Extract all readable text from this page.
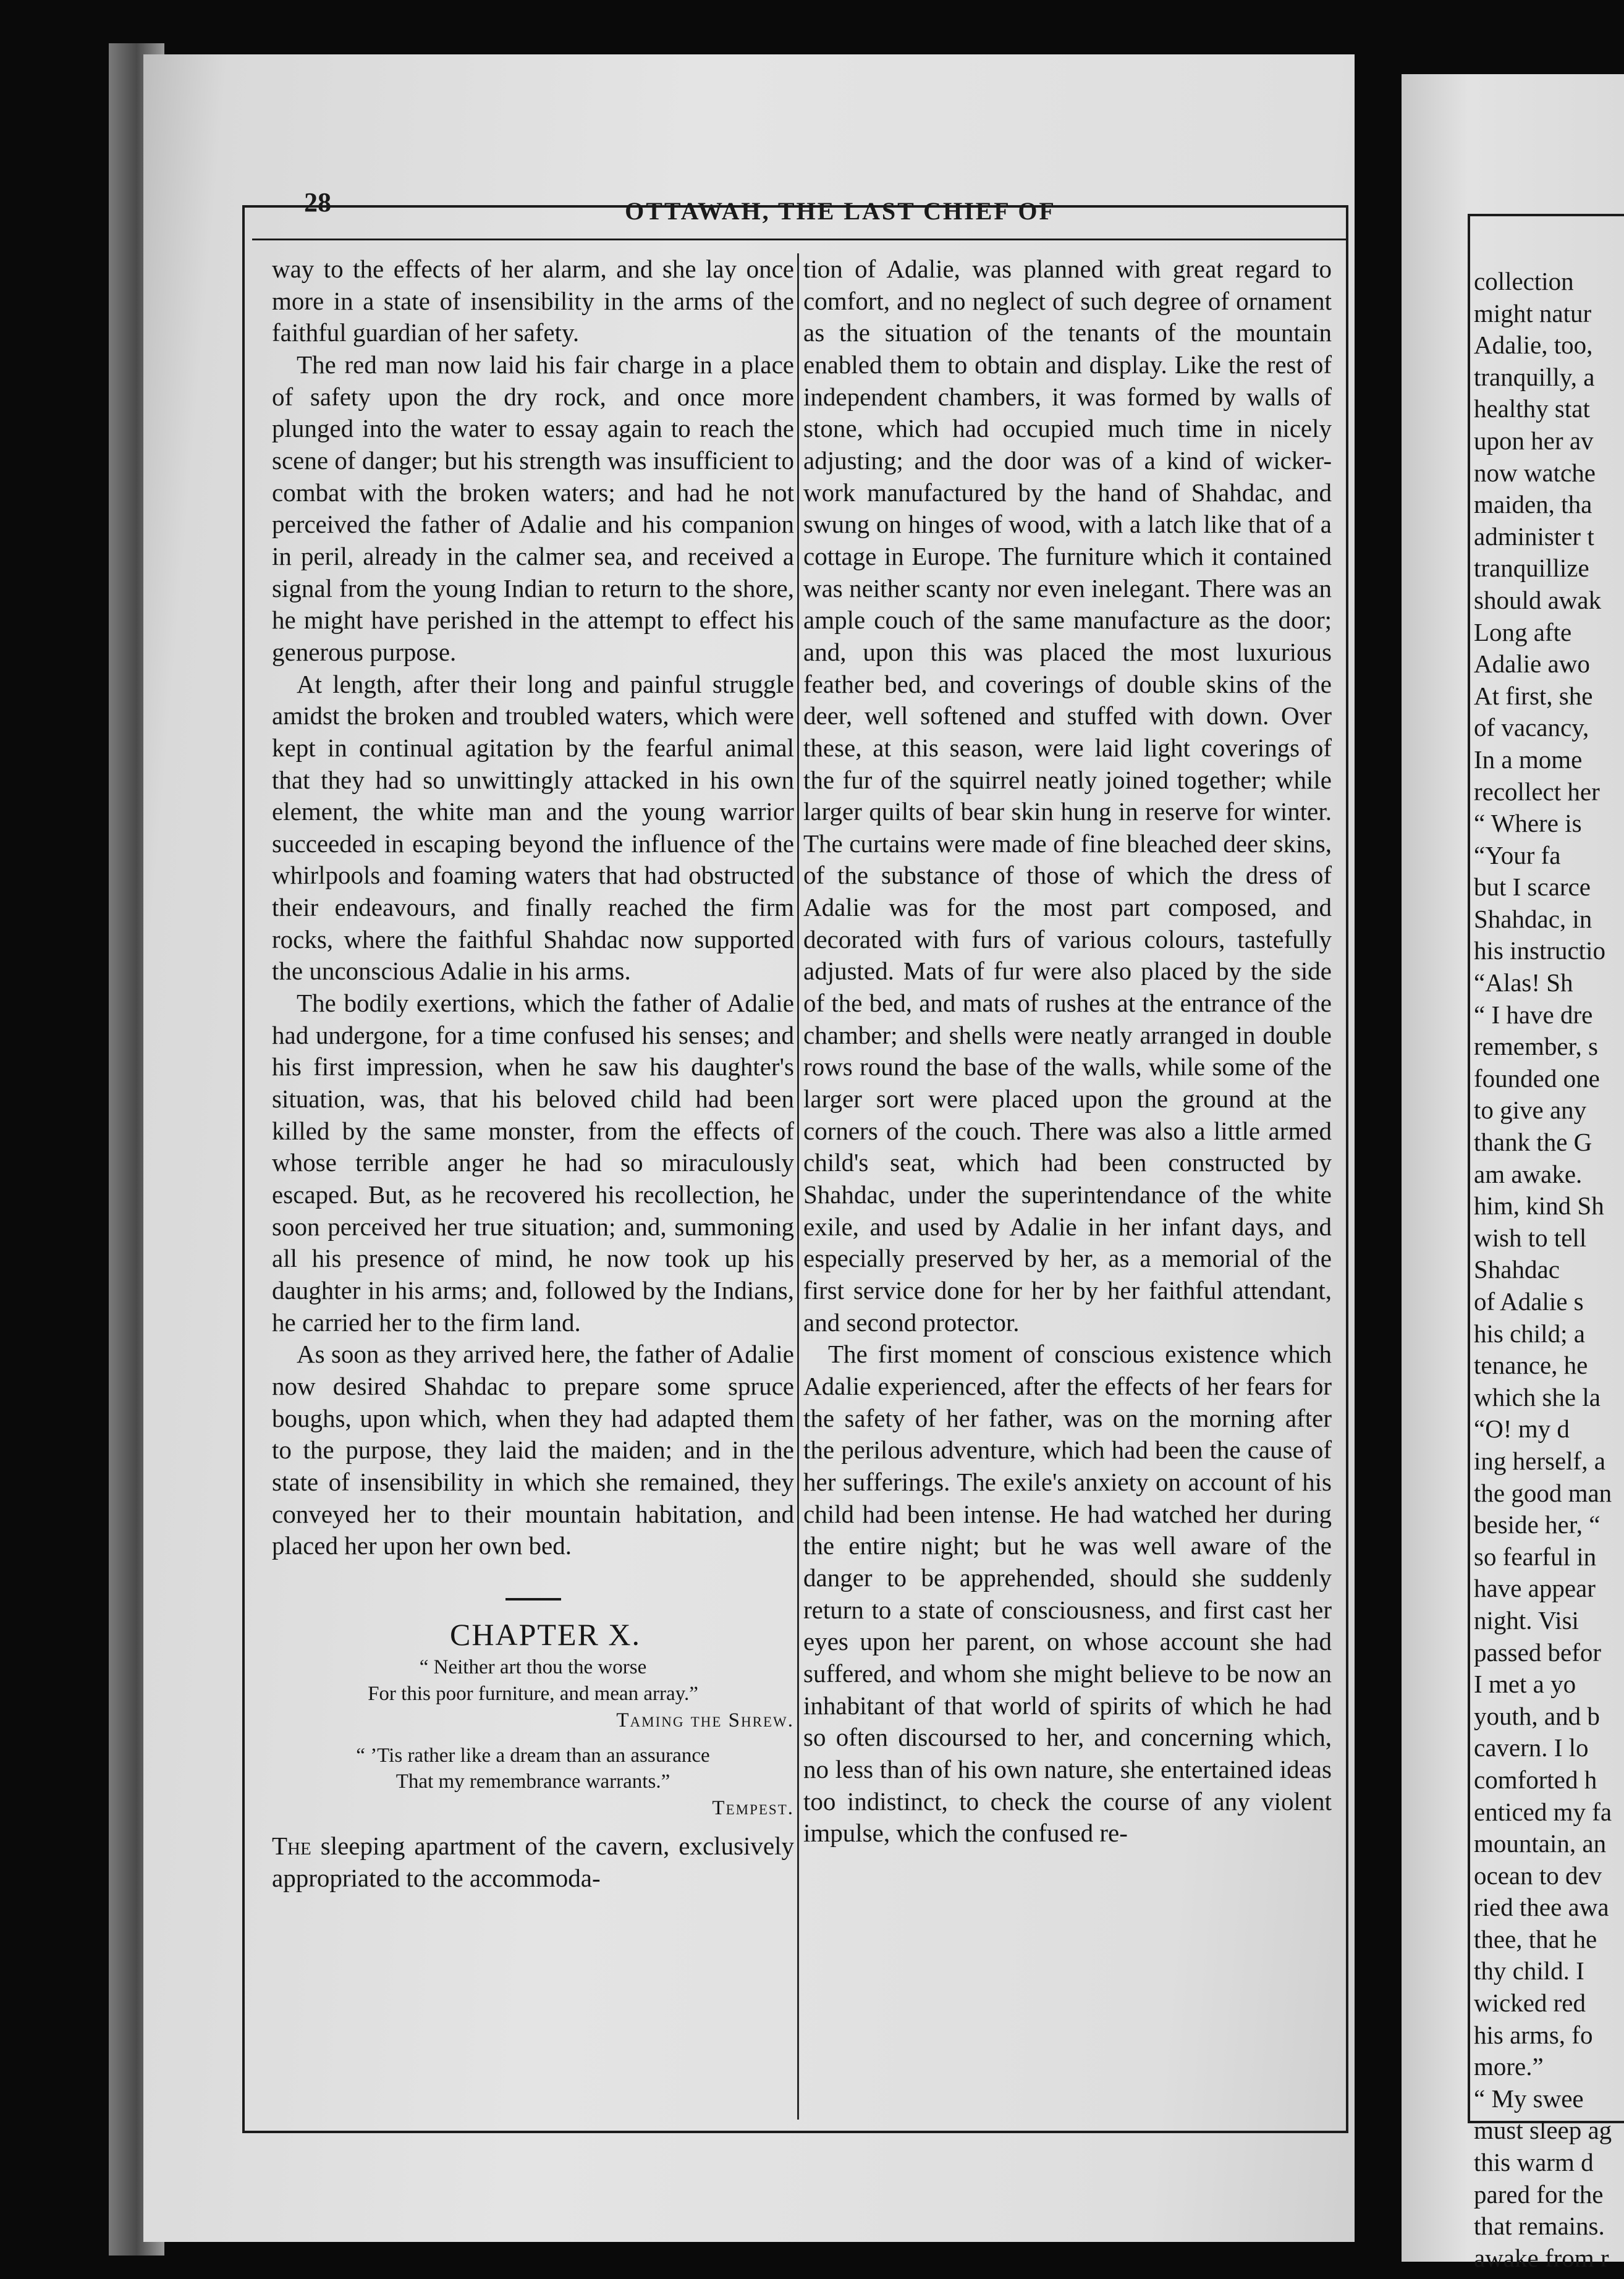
28	OTTAWAH, THE LAST CHIEF OF

way to the effects of her alarm, and she lay once more in a state of insensibility in the arms of the faithful guardian of her safety.

The red man now laid his fair charge in a place of safety upon the dry rock, and once more plunged into the water to essay again to reach the scene of danger; but his strength was insufficient to combat with the broken waters; and had he not perceived the father of Adalie and his companion in peril, already in the calmer sea, and received a signal from the young Indian to return to the shore, he might have perished in the attempt to effect his generous purpose.

At length, after their long and painful struggle amidst the broken and troubled waters, which were kept in continual agitation by the fearful animal that they had so unwittingly attacked in his own element, the white man and the young warrior succeeded in escaping beyond the influence of the whirlpools and foaming waters that had obstructed their endeavours, and finally reached the firm rocks, where the faithful Shahdac now supported the unconscious Adalie in his arms.

The bodily exertions, which the father of Adalie had undergone, for a time confused his senses; and his first impression, when he saw his daughter's situation, was, that his beloved child had been killed by the same monster, from the effects of whose terrible anger he had so miraculously escaped. But, as he recovered his recollection, he soon perceived her true situation; and, summoning all his presence of mind, he now took up his daughter in his arms; and, followed by the Indians, he carried her to the firm land.

As soon as they arrived here, the father of Adalie now desired Shahdac to prepare some spruce boughs, upon which, when they had adapted them to the purpose, they laid the maiden; and in the state of insensibility in which she remained, they conveyed her to their mountain habitation, and placed her upon her own bed.

CHAPTER X.

“ Neither art thou the worse
For this poor furniture, and mean array.”
Taming the Shrew.
“ ’Tis rather like a dream than an assurance
That my remembrance warrants.”
Tempest.

The sleeping apartment of the cavern, exclusively appropriated to the accommoda-

tion of Adalie, was planned with great regard to comfort, and no neglect of such degree of ornament as the situation of the tenants of the mountain enabled them to obtain and display. Like the rest of independent chambers, it was formed by walls of stone, which had occupied much time in nicely adjusting; and the door was of a kind of wicker-work manufactured by the hand of Shahdac, and swung on hinges of wood, with a latch like that of a cottage in Europe. The furniture which it contained was neither scanty nor even inelegant. There was an ample couch of the same manufacture as the door; and, upon this was placed the most luxurious feather bed, and coverings of double skins of the deer, well softened and stuffed with down. Over these, at this season, were laid light coverings of the fur of the squirrel neatly joined together; while larger quilts of bear skin hung in reserve for winter. The curtains were made of fine bleached deer skins, of the substance of those of which the dress of Adalie was for the most part composed, and decorated with furs of various colours, tastefully adjusted. Mats of fur were also placed by the side of the bed, and mats of rushes at the entrance of the chamber; and shells were neatly arranged in double rows round the base of the walls, while some of the larger sort were placed upon the ground at the corners of the couch. There was also a little armed child's seat, which had been constructed by Shahdac, under the superintendance of the white exile, and used by Adalie in her infant days, and especially preserved by her, as a memorial of the first service done for her by her faithful attendant, and second protector.

The first moment of conscious existence which Adalie experienced, after the effects of her fears for the safety of her father, was on the morning after the perilous adventure, which had been the cause of her sufferings. The exile's anxiety on account of his child had been intense. He had watched her during the entire night; but he was well aware of the danger to be apprehended, should she suddenly return to a state of consciousness, and first cast her eyes upon her parent, on whose account she had suffered, and whom she might believe to be now an inhabitant of that world of spirits of which he had so often discoursed to her, and concerning which, no less than of his own nature, she entertained ideas too indistinct, to check the course of any violent impulse, which the confused re-

collection
might natur
Adalie, too,
tranquilly, a
healthy stat
upon her av
now watche
maiden, tha
administer t
tranquillize
should awak
Long afte
Adalie awo
At first, she
of vacancy,
In a mome
recollect her
“ Where is
“Your fa
but I scarce
Shahdac, in
his instructio
“Alas! Sh
“ I have dre
remember, s
founded one
to give any
thank the G
am awake.
him, kind Sh
wish to tell
Shahdac
of Adalie s
his child; a
tenance, he
which she la
“O! my d
ing herself, a
the good man
beside her, “
so fearful in
have appear
night. Visi
passed befor
I met a yo
youth, and b
cavern. I lo
comforted h
enticed my fa
mountain, an
ocean to dev
ried thee awa
thee, that he
thy child. I
wicked red
his arms, fo
more.”
“ My swee
must sleep ag
this warm d
pared for the
that remains.
awake from r
